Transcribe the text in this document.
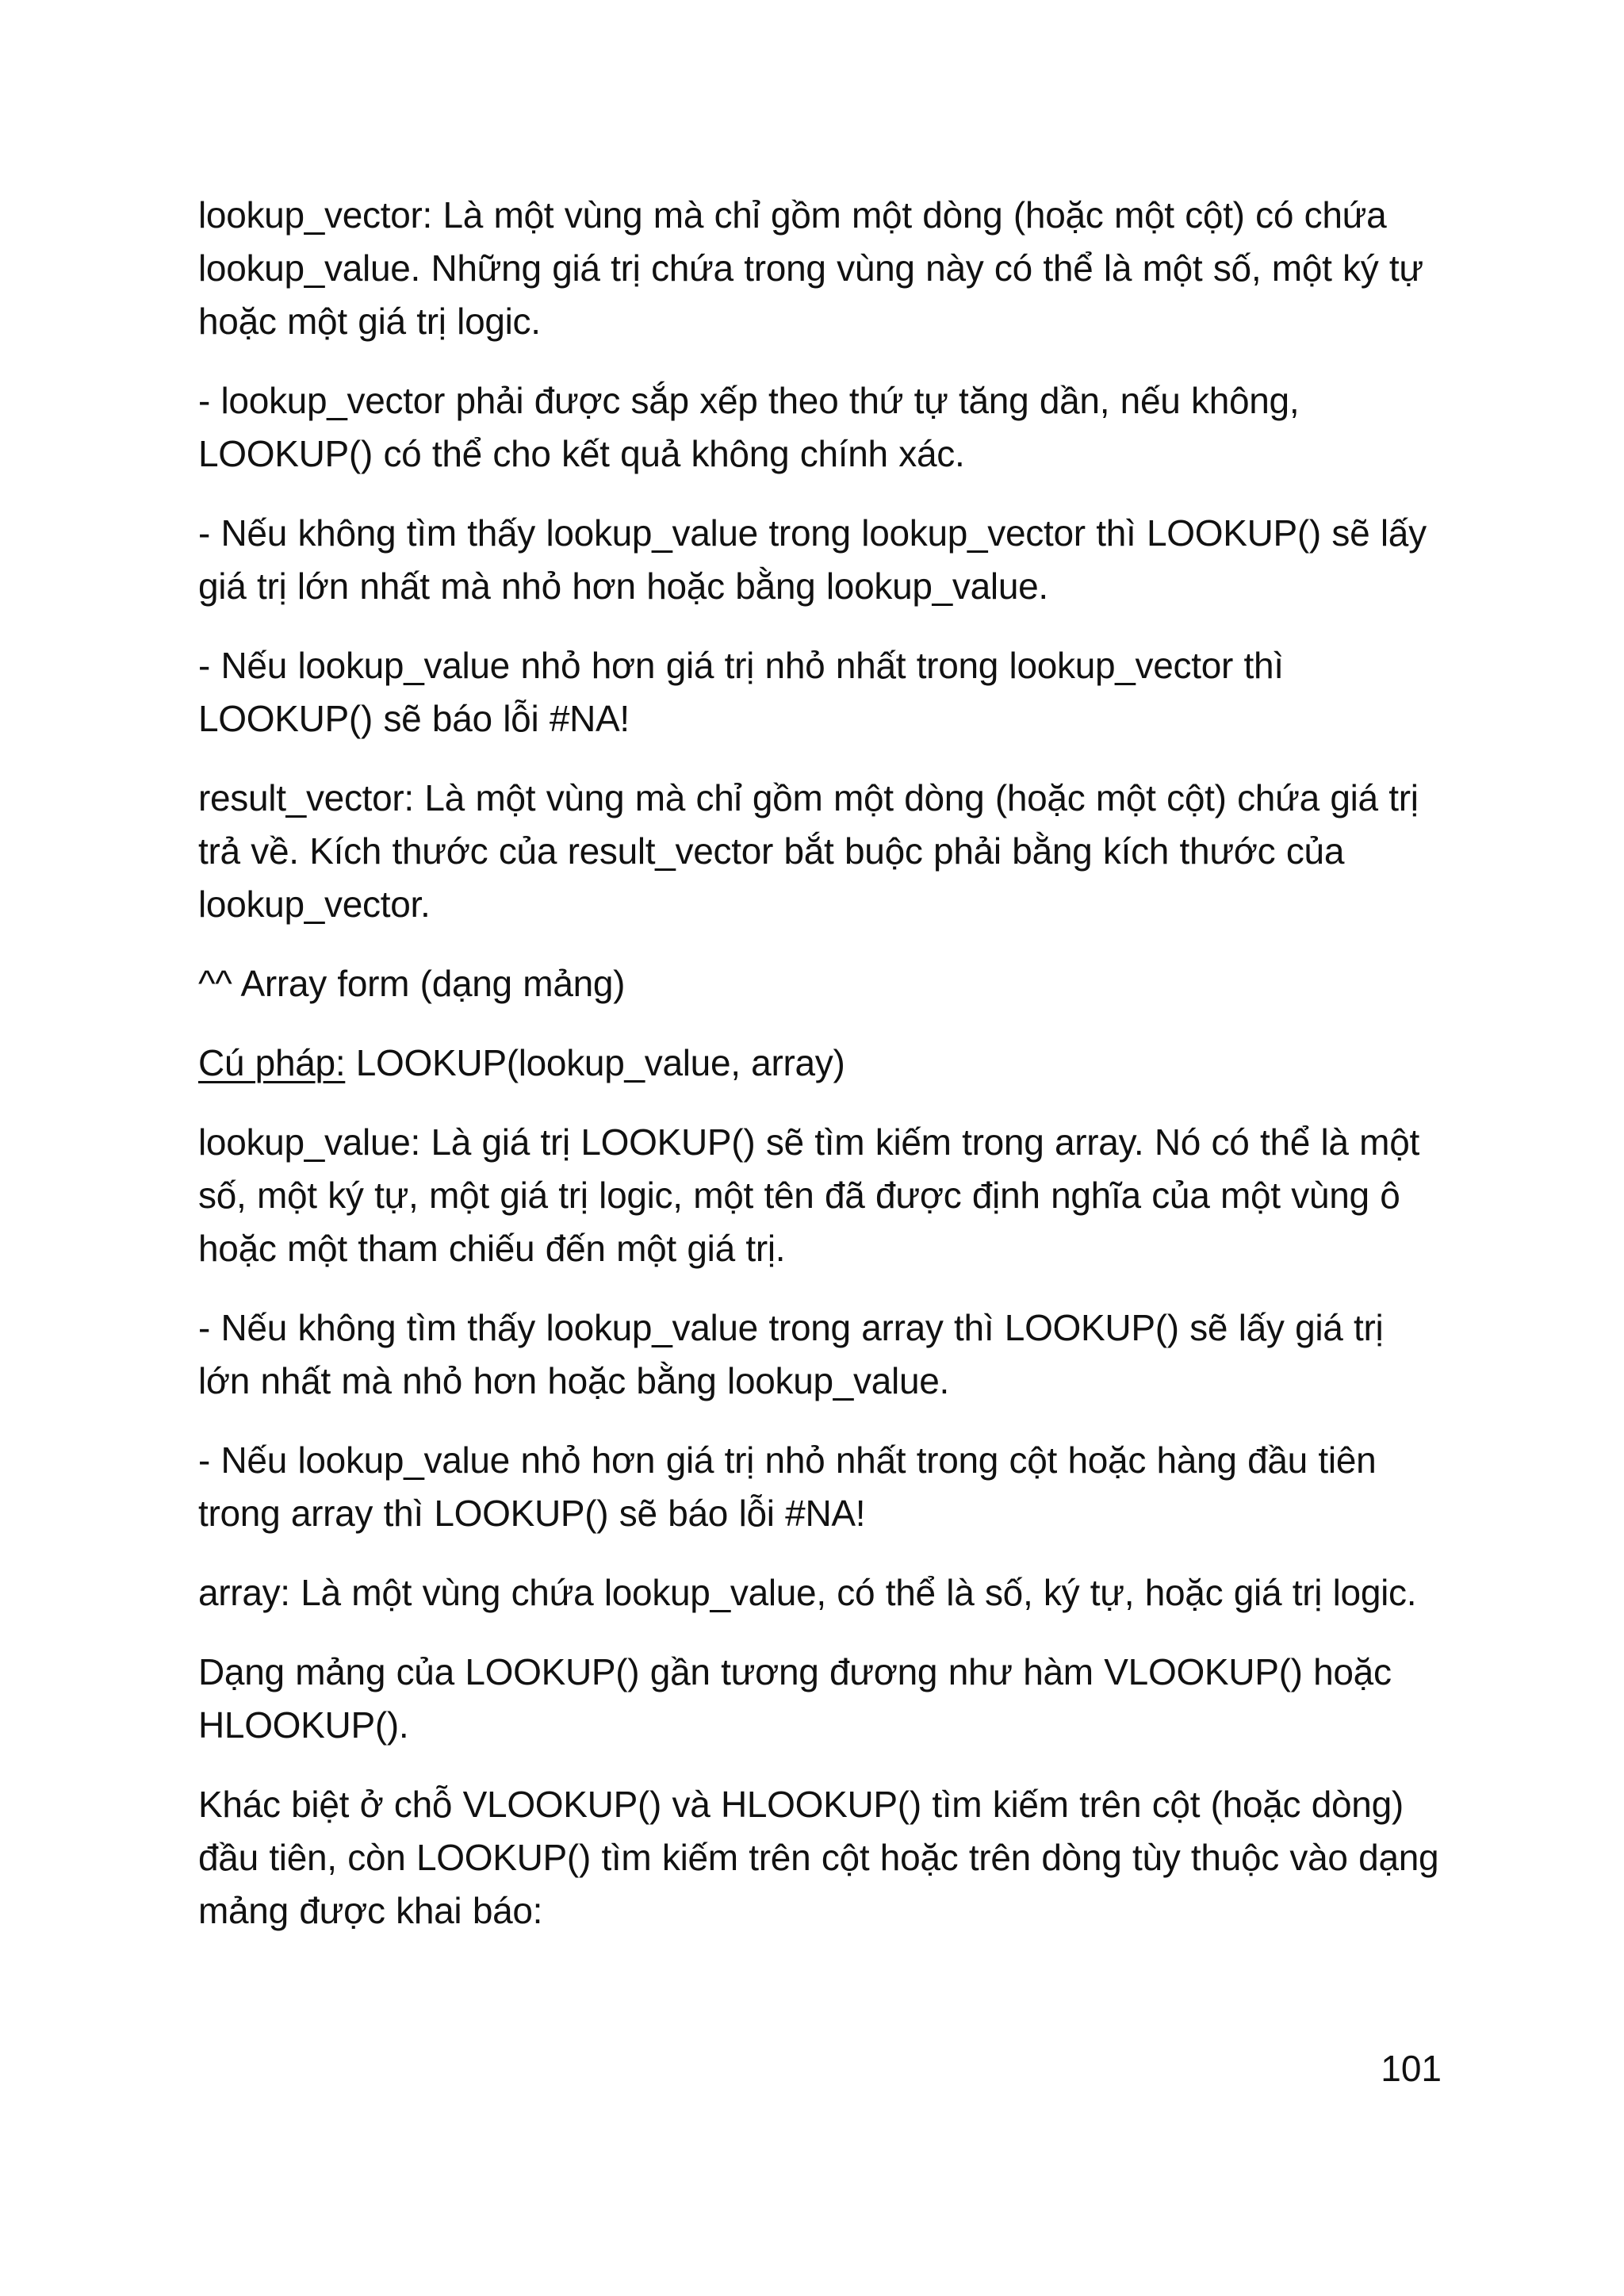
lookup_vector: Là một vùng mà chỉ gồm một dòng (hoặc một cột) có chứa lookup_value. Những giá trị chứa trong vùng này có thể là một số, một ký tự hoặc một giá trị logic.

- lookup_vector phải được sắp xếp theo thứ tự tăng dần, nếu không, LOOKUP() có thể cho kết quả không chính xác.

- Nếu không tìm thấy lookup_value trong lookup_vector thì LOOKUP() sẽ lấy giá trị lớn nhất mà nhỏ hơn hoặc bằng lookup_value.

- Nếu lookup_value nhỏ hơn giá trị nhỏ nhất trong lookup_vector thì LOOKUP() sẽ báo lỗi #NA!

result_vector: Là một vùng mà chỉ gồm một dòng (hoặc một cột) chứa giá trị trả về. Kích thước của result_vector bắt buộc phải bằng kích thước của lookup_vector.

^^ Array form (dạng mảng)

Cú pháp: LOOKUP(lookup_value, array)

lookup_value: Là giá trị LOOKUP() sẽ tìm kiếm trong array. Nó có thể là một số, một ký tự, một giá trị logic, một tên đã được định nghĩa của một vùng ô hoặc một tham chiếu đến một giá trị.

- Nếu không tìm thấy lookup_value trong array thì LOOKUP() sẽ lấy giá trị lớn nhất mà nhỏ hơn hoặc bằng lookup_value.

- Nếu lookup_value nhỏ hơn giá trị nhỏ nhất trong cột hoặc hàng đầu tiên trong array thì LOOKUP() sẽ báo lỗi #NA!

array: Là một vùng chứa lookup_value, có thể là số, ký tự, hoặc giá trị logic.

Dạng mảng của LOOKUP() gần tương đương như hàm VLOOKUP() hoặc HLOOKUP().

Khác biệt ở chỗ VLOOKUP() và HLOOKUP() tìm kiếm trên cột (hoặc dòng) đầu tiên, còn LOOKUP() tìm kiếm trên cột hoặc trên dòng tùy thuộc vào dạng mảng được khai báo:

101
